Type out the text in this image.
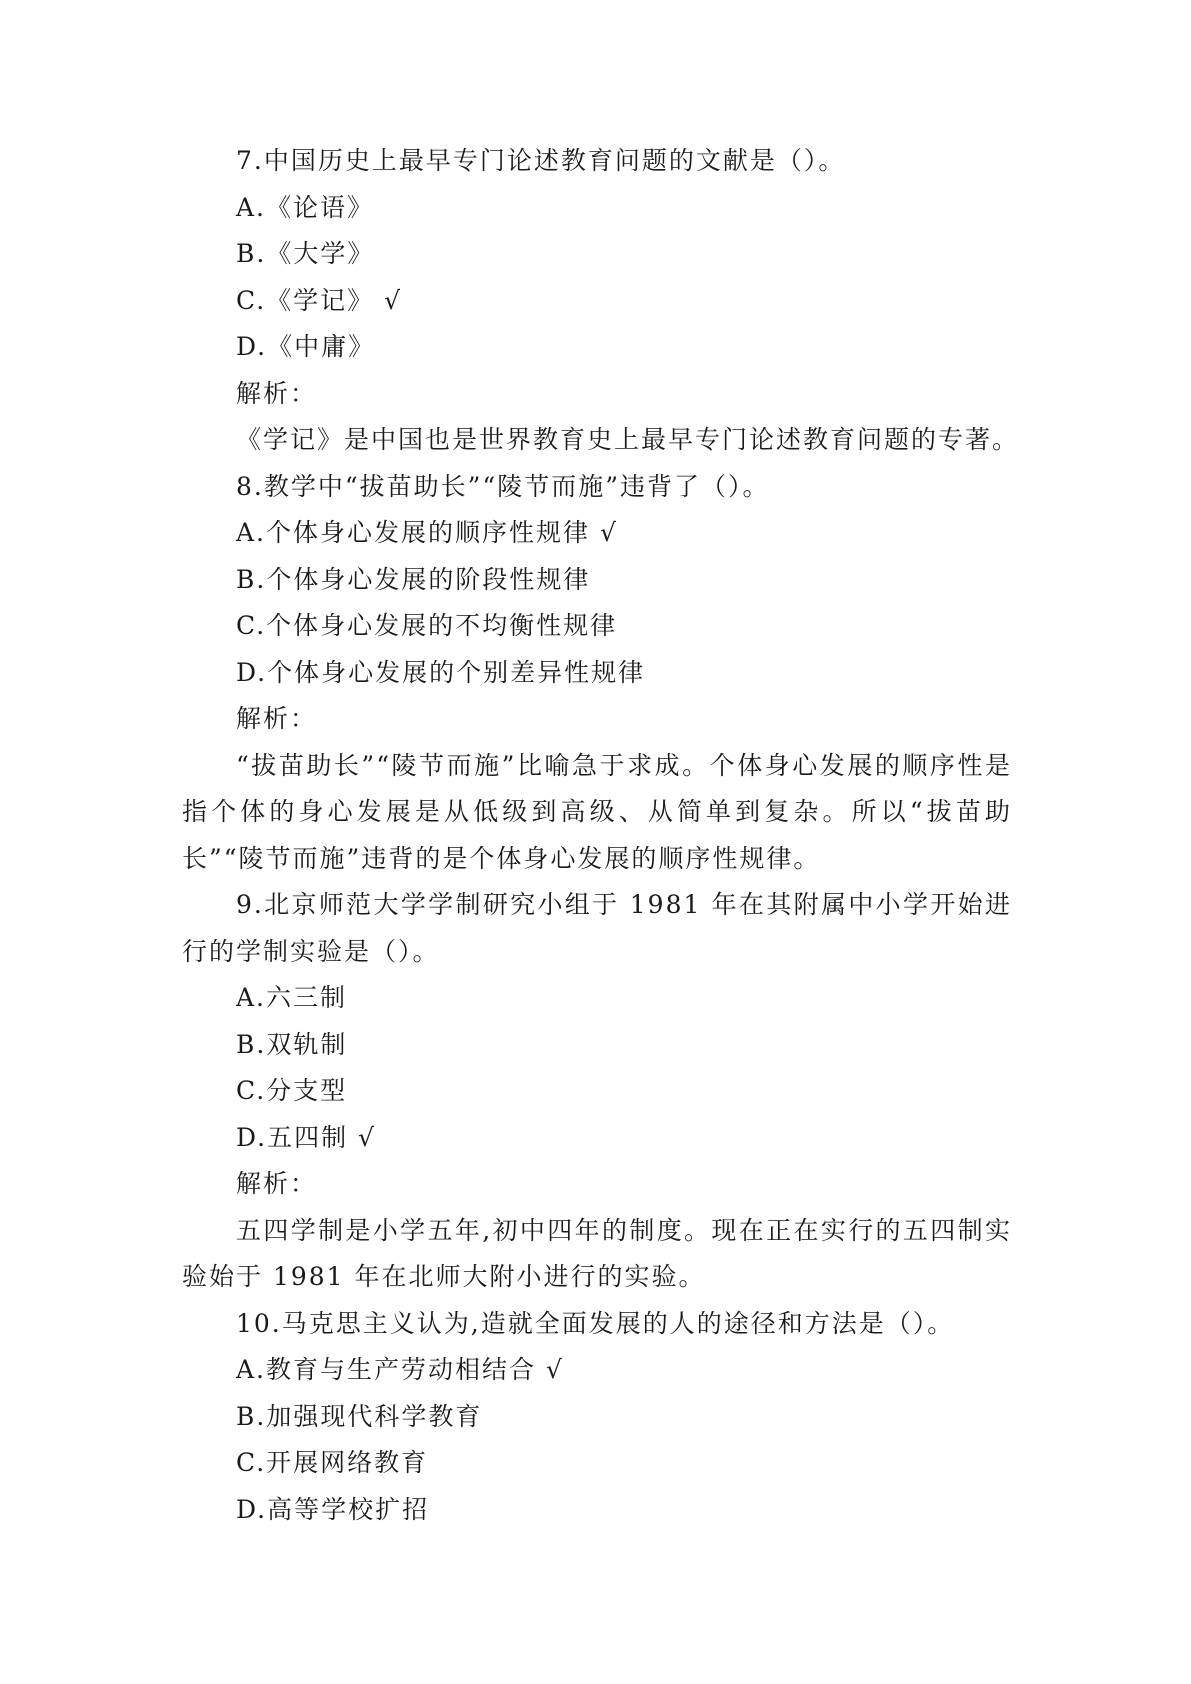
7.中国历史上最早专门论述教育问题的文献是（）。
A.《论语》
B.《大学》
C.《学记》 √
D.《中庸》
解析：
《学记》是中国也是世界教育史上最早专门论述教育问题的专著。
8.教学中“拔苗助长”“陵节而施”违背了（）。
A.个体身心发展的顺序性规律 √
B.个体身心发展的阶段性规律
C.个体身心发展的不均衡性规律
D.个体身心发展的个别差异性规律
解析：
“拔苗助长”“陵节而施”比喻急于求成。个体身心发展的顺序性是指个体的身心发展是从低级到高级、从简单到复杂。所以“拔苗助长”“陵节而施”违背的是个体身心发展的顺序性规律。
9.北京师范大学学制研究小组于 1981 年在其附属中小学开始进行的学制实验是（）。
A.六三制
B.双轨制
C.分支型
D.五四制 √
解析：
五四学制是小学五年,初中四年的制度。现在正在实行的五四制实验始于 1981 年在北师大附小进行的实验。
10.马克思主义认为,造就全面发展的人的途径和方法是（）。
A.教育与生产劳动相结合 √
B.加强现代科学教育
C.开展网络教育
D.高等学校扩招
